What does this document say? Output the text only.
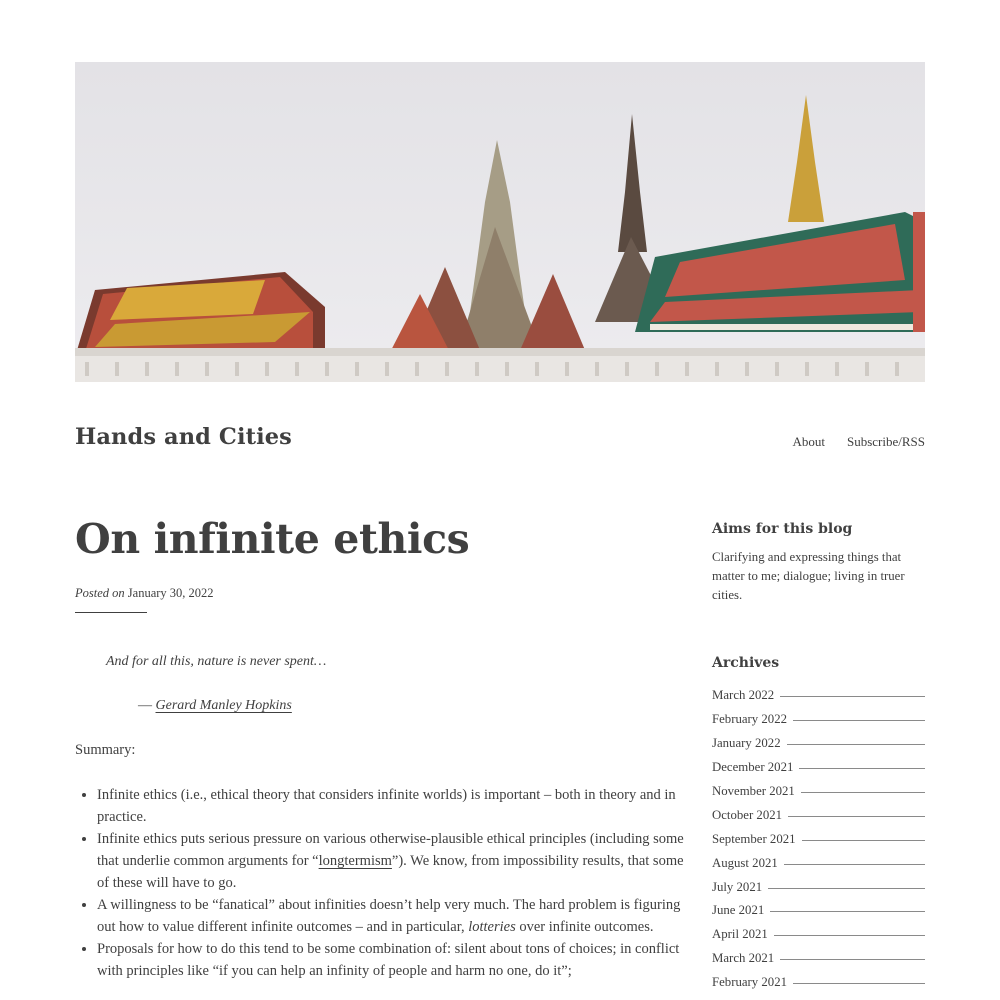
Hands and Cities	About Subscribe/RSS
On infinite ethics
Posted on January 30, 2022
And for all this, nature is never spent…
— Gerard Manley Hopkins
Summary:
• Infinite ethics (i.e., ethical theory that considers infinite worlds) is important – both in theory and in practice.
• Infinite ethics puts serious pressure on various otherwise-plausible ethical principles (including some that underlie common arguments for “longtermism”). We know, from impossibility results, that some of these will have to go.
• A willingness to be “fanatical” about infinities doesn’t help very much. The hard problem is figuring out how to value different infinite outcomes – and in particular, lotteries over infinite outcomes.
• Proposals for how to do this tend to be some combination of: silent about tons of choices; in conflict with principles like “if you can help an infinity of people and harm no one, do it”;
Aims for this blog

Clarifying and expressing things that matter to me; dialogue; living in truer cities.

Archives
March 2022
February 2022
January 2022
December 2021
November 2021
October 2021
September 2021
August 2021
July 2021
June 2021
April 2021
March 2021
February 2021
